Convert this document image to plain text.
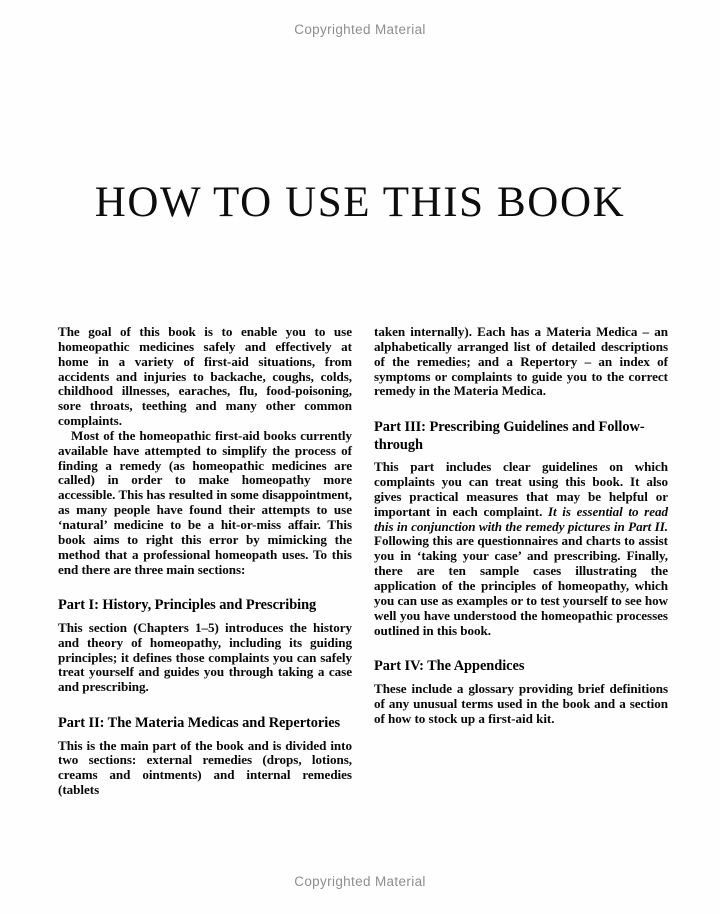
Copyrighted Material
HOW TO USE THIS BOOK

The goal of this book is to enable you to use homeopathic medicines safely and effectively at home in a variety of first-aid situations, from accidents and injuries to backache, coughs, colds, childhood illnesses, earaches, flu, food-poisoning, sore throats, teething and many other common complaints.

Most of the homeopathic first-aid books currently available have attempted to simplify the process of finding a remedy (as homeopathic medicines are called) in order to make homeopathy more accessible. This has resulted in some disappointment, as many people have found their attempts to use ‘natural’ medicine to be a hit-or-miss affair. This book aims to right this error by mimicking the method that a professional homeopath uses. To this end there are three main sections:

Part I: History, Principles and Prescribing

This section (Chapters 1–5) introduces the history and theory of homeopathy, including its guiding principles; it defines those complaints you can safely treat yourself and guides you through taking a case and prescribing.

Part II: The Materia Medicas and Repertories

This is the main part of the book and is divided into two sections: external remedies (drops, lotions, creams and ointments) and internal remedies (tablets

taken internally). Each has a Materia Medica – an alphabetically arranged list of detailed descriptions of the remedies; and a Repertory – an index of symptoms or complaints to guide you to the correct remedy in the Materia Medica.

Part III: Prescribing Guidelines and Follow-through

This part includes clear guidelines on which complaints you can treat using this book. It also gives practical measures that may be helpful or important in each complaint. It is essential to read this in conjunction with the remedy pictures in Part II. Following this are questionnaires and charts to assist you in ‘taking your case’ and prescribing. Finally, there are ten sample cases illustrating the application of the principles of homeopathy, which you can use as examples or to test yourself to see how well you have understood the homeopathic processes outlined in this book.

Part IV: The Appendices

These include a glossary providing brief definitions of any unusual terms used in the book and a section of how to stock up a first-aid kit.

Copyrighted Material
